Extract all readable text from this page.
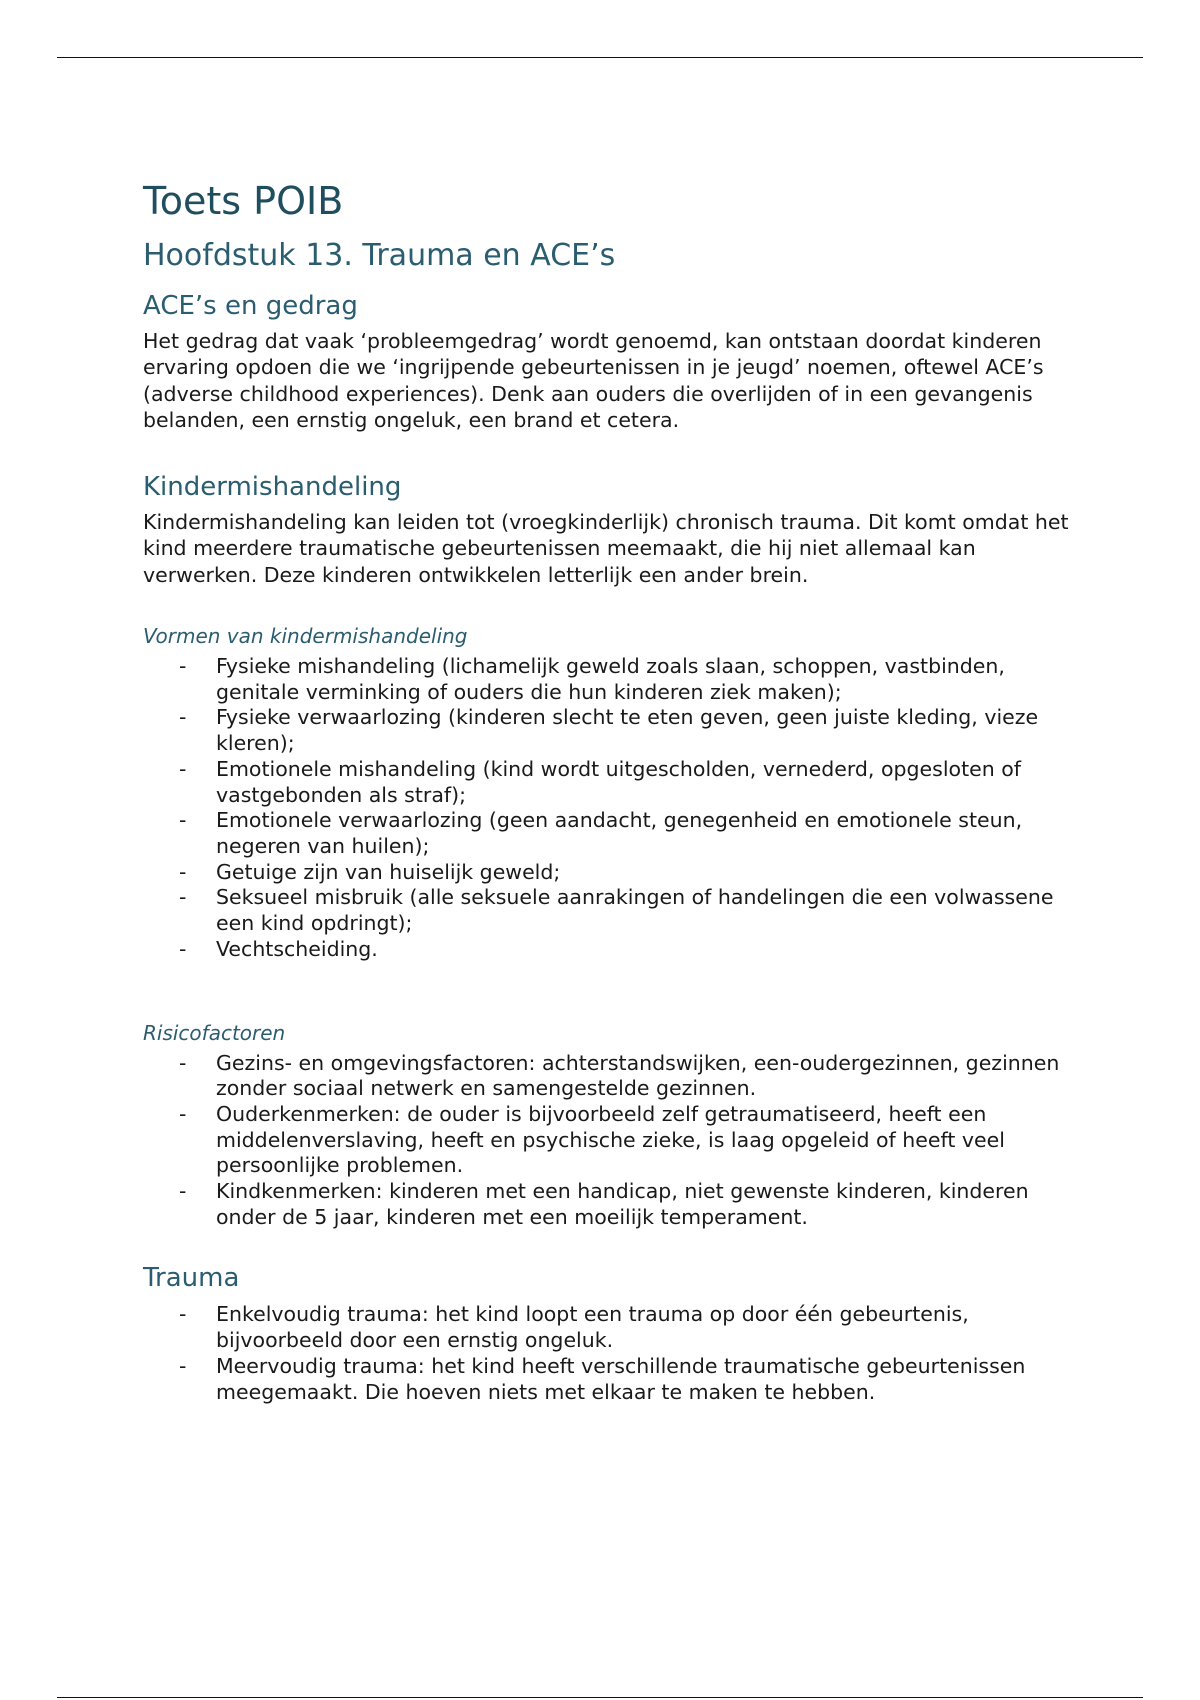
Toets POIB
Hoofdstuk 13. Trauma en ACE’s
ACE’s en gedrag

Het gedrag dat vaak ‘probleemgedrag’ wordt genoemd, kan ontstaan doordat kinderen ervaring opdoen die we ‘ingrijpende gebeurtenissen in je jeugd’ noemen, oftewel ACE’s (adverse childhood experiences). Denk aan ouders die overlijden of in een gevangenis belanden, een ernstig ongeluk, een brand et cetera.

Kindermishandeling

Kindermishandeling kan leiden tot (vroegkinderlijk) chronisch trauma. Dit komt omdat het kind meerdere traumatische gebeurtenissen meemaakt, die hij niet allemaal kan verwerken. Deze kinderen ontwikkelen letterlijk een ander brein.

Vormen van kindermishandeling
- Fysieke mishandeling (lichamelijk geweld zoals slaan, schoppen, vastbinden, genitale verminking of ouders die hun kinderen ziek maken);
- Fysieke verwaarlozing (kinderen slecht te eten geven, geen juiste kleding, vieze kleren);
- Emotionele mishandeling (kind wordt uitgescholden, vernederd, opgesloten of vastgebonden als straf);
- Emotionele verwaarlozing (geen aandacht, genegenheid en emotionele steun, negeren van huilen);
- Getuige zijn van huiselijk geweld;
- Seksueel misbruik (alle seksuele aanrakingen of handelingen die een volwassene een kind opdringt);
- Vechtscheiding.
Risicofactoren
- Gezins- en omgevingsfactoren: achterstandswijken, een-oudergezinnen, gezinnen zonder sociaal netwerk en samengestelde gezinnen.
- Ouderkenmerken: de ouder is bijvoorbeeld zelf getraumatiseerd, heeft een middelenverslaving, heeft en psychische zieke, is laag opgeleid of heeft veel persoonlijke problemen.
- Kindkenmerken: kinderen met een handicap, niet gewenste kinderen, kinderen onder de 5 jaar, kinderen met een moeilijk temperament.
Trauma
- Enkelvoudig trauma: het kind loopt een trauma op door één gebeurtenis, bijvoorbeeld door een ernstig ongeluk.
- Meervoudig trauma: het kind heeft verschillende traumatische gebeurtenissen meegemaakt. Die hoeven niets met elkaar te maken te hebben.
